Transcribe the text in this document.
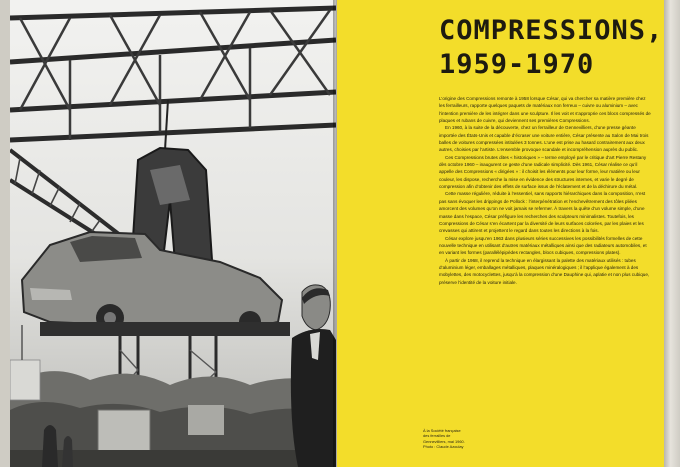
COMPRESSIONS,
1959-1970

L’origine des Compressions remonte à 1958 lorsque César, qui va chercher sa matière première chez les ferrailleurs, rapporte quelques paquets de matériaux non ferreux – cuivre ou aluminium – avec l’intention première de les intégrer dans une sculpture. Il les voit et s’approprie ces blocs compressés de plaques et rubans de cuivre, qui deviennent ses premières Compressions.

En 1960, à la suite de la découverte, chez un ferrailleur de Gennevilliers, d’une presse géante importée des États-Unis et capable d’écraser une voiture entière, César présente au Salon de Mai trois balles de voitures compressées intitulées 3 tonnes. L’une est prise au hasard contrairement aux deux autres, choisies par l’artiste. L’ensemble provoque scandale et incompréhension auprès du public.

Ces Compressions brutes dites « historiques » – terme employé par le critique d’art Pierre Restany dès octobre 1960 – inaugurent ce geste d’une radicale simplicité. Dès 1961, César réalise ce qu’il appelle des Compressions « dirigées » : il choisit les éléments pour leur forme, leur matière ou leur couleur, les dispose, recherche la mise en évidence des structures internes, et varie le degré de compression afin d’obtenir des effets de surface issus de l’éclatement et de la déchirure du métal.

Cette masse régulière, réduite à l’essentiel, sans rapports hiérarchiques dans la composition, n’est pas sans évoquer les drippings de Pollock : l’interpénétration et l’enchevêtrement des tôles pliées amorcent des volumes qu’on ne voit jamais se refermer. À travers la quête d’un volume simple, d’une masse dans l’espace, César préfigure les recherches des sculpteurs minimalistes. Toutefois, les Compressions de César s’en écartent par la diversité de leurs surfaces colorées, par les plaies et les crevasses qui attirent et projettent le regard dans toutes les directions à la fois.

César explore jusqu’en 1963 dans plusieurs séries successives les possibilités formelles de cette nouvelle technique en utilisant d’autres matériaux métalliques ainsi que des radiateurs automobiles, et en variant les formes (parallélépipèdes rectangles, blocs cubiques, compressions plates).

À partir de 1968, il reprend la technique en élargissant la palette des matériaux utilisés : tubes d’aluminium léger, emballages métalliques, plaques minéralogiques ; il l’applique également à des mobylettes, des motocyclettes, jusqu’à la compression d’une Dauphine qui, aplatie et non plus cubique, préserve l’identité de la voiture initiale.

À la Société française
des ferrailles de
Gennevilliers, mai 1960.
Photo : Claude Azoulay
